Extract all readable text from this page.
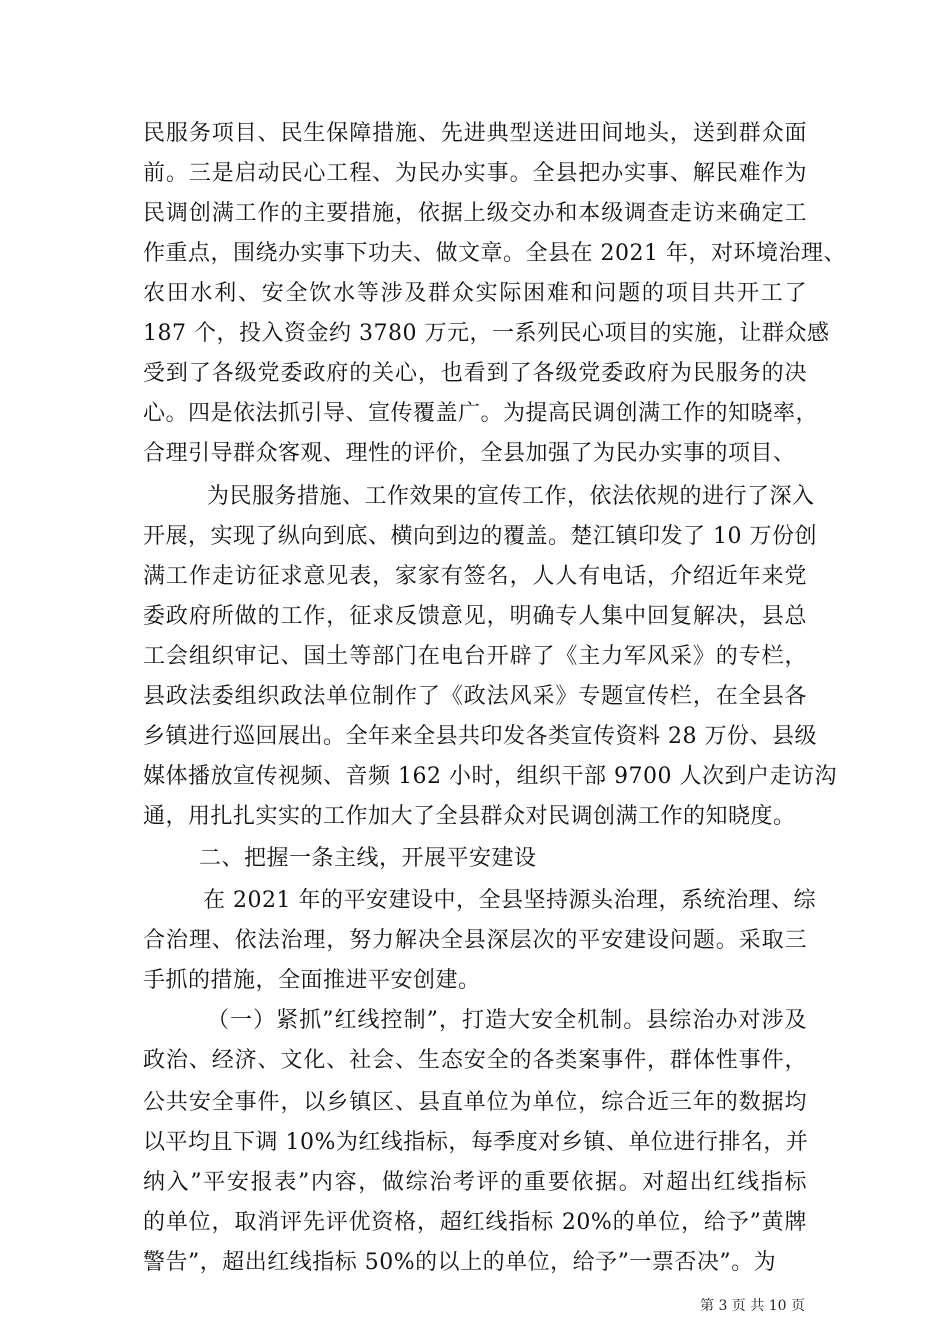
民服务项目、民生保障措施、先进典型送进田间地头，送到群众面
前。三是启动民心工程、为民办实事。全县把办实事、解民难作为
民调创满工作的主要措施，依据上级交办和本级调查走访来确定工
作重点，围绕办实事下功夫、做文章。全县在 2021 年，对环境治理、
农田水利、安全饮水等涉及群众实际困难和问题的项目共开工了
187 个，投入资金约 3780 万元，一系列民心项目的实施，让群众感
受到了各级党委政府的关心，也看到了各级党委政府为民服务的决
心。四是依法抓引导、宣传覆盖广。为提高民调创满工作的知晓率，
合理引导群众客观、理性的评价，全县加强了为民办实事的项目、
为民服务措施、工作效果的宣传工作，依法依规的进行了深入
开展，实现了纵向到底、横向到边的覆盖。楚江镇印发了 10 万份创
满工作走访征求意见表，家家有签名，人人有电话，介绍近年来党
委政府所做的工作，征求反馈意见，明确专人集中回复解决，县总
工会组织审记、国土等部门在电台开辟了《主力军风采》的专栏，
县政法委组织政法单位制作了《政法风采》专题宣传栏，在全县各
乡镇进行巡回展出。全年来全县共印发各类宣传资料 28 万份、县级
媒体播放宣传视频、音频 162 小时，组织干部 9700 人次到户走访沟
通，用扎扎实实的工作加大了全县群众对民调创满工作的知晓度。
二、把握一条主线，开展平安建设
在 2021 年的平安建设中，全县坚持源头治理，系统治理、综
合治理、依法治理，努力解决全县深层次的平安建设问题。采取三
手抓的措施，全面推进平安创建。
（一）紧抓”红线控制”，打造大安全机制。县综治办对涉及
政治、经济、文化、社会、生态安全的各类案事件，群体性事件，
公共安全事件，以乡镇区、县直单位为单位，综合近三年的数据均
以平均且下调 10%为红线指标，每季度对乡镇、单位进行排名，并
纳入”平安报表”内容，做综治考评的重要依据。对超出红线指标
的单位，取消评先评优资格，超红线指标 20%的单位，给予”黄牌
警告”，超出红线指标 50%的以上的单位，给予”一票否决”。为
第 3 页 共 10 页
